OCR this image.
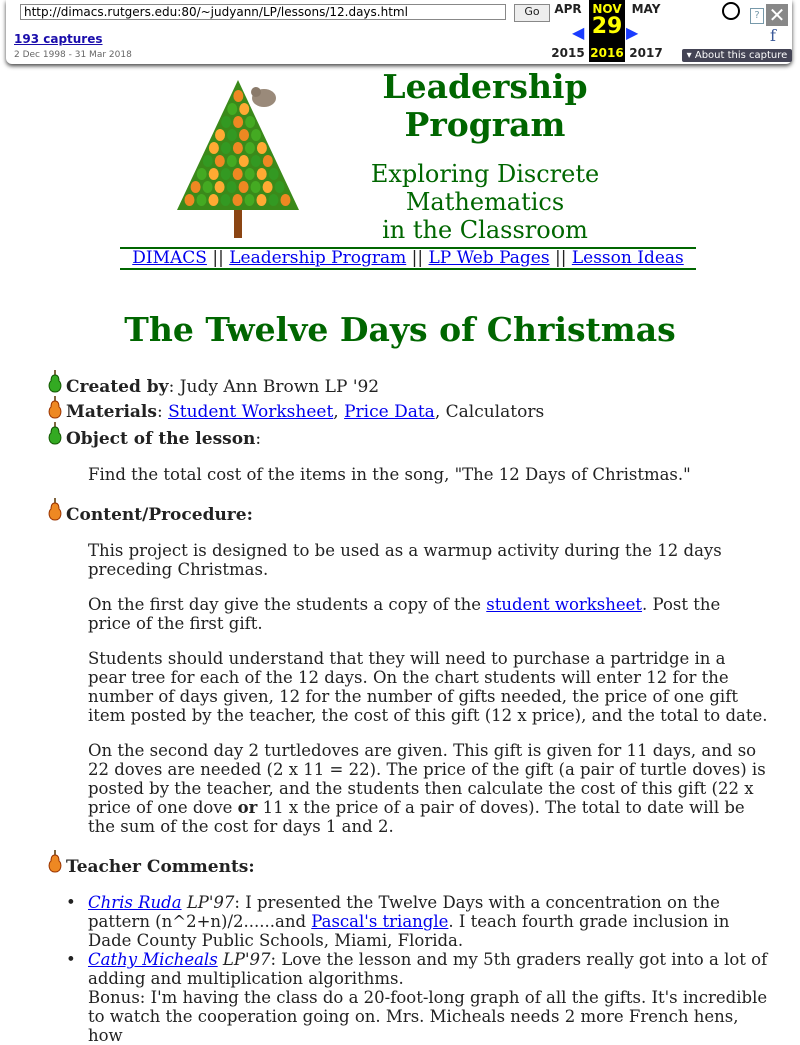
http://dimacs.rutgers.edu:80/~judyann/LP/lessons/12.days.html	Go
193 captures
2 Dec 1998 - 31 Mar 2018
APR
2015
◀
NOV
29
2016
▶
MAY
2017
? ✕
f
▾ About this capture
Leadership
Program
Exploring Discrete
Mathematics
in the Classroom
DIMACS || Leadership Program || LP Web Pages || Lesson Ideas
The Twelve Days of Christmas
Created by: Judy Ann Brown LP '92
Materials: Student Worksheet, Price Data, Calculators
Object of the lesson:
Find the total cost of the items in the song, "The 12 Days of Christmas."
Content/Procedure:
This project is designed to be used as a warmup activity during the 12 days preceding Christmas.
On the first day give the students a copy of the student worksheet. Post the price of the first gift.
Students should understand that they will need to purchase a partridge in a pear tree for each of the 12 days. On the chart students will enter 12 for the number of days given, 12 for the number of gifts needed, the price of one gift item posted by the teacher, the cost of this gift (12 x price), and the total to date.
On the second day 2 turtledoves are given. This gift is given for 11 days, and so 22 doves are needed (2 x 11 = 22). The price of the gift (a pair of turtle doves) is posted by the teacher, and the students then calculate the cost of this gift (22 x price of one dove or 11 x the price of a pair of doves). The total to date will be the sum of the cost for days 1 and 2.
Teacher Comments:
• Chris Ruda LP'97: I presented the Twelve Days with a concentration on the pattern (n^2+n)/2......and Pascal's triangle. I teach fourth grade inclusion in Dade County Public Schools, Miami, Florida.
• Cathy Micheals LP'97: Love the lesson and my 5th graders really got into a lot of adding and multiplication algorithms.
Bonus: I'm having the class do a 20-foot-long graph of all the gifts. It's incredible to watch the cooperation going on. Mrs. Micheals needs 2 more French hens, how
